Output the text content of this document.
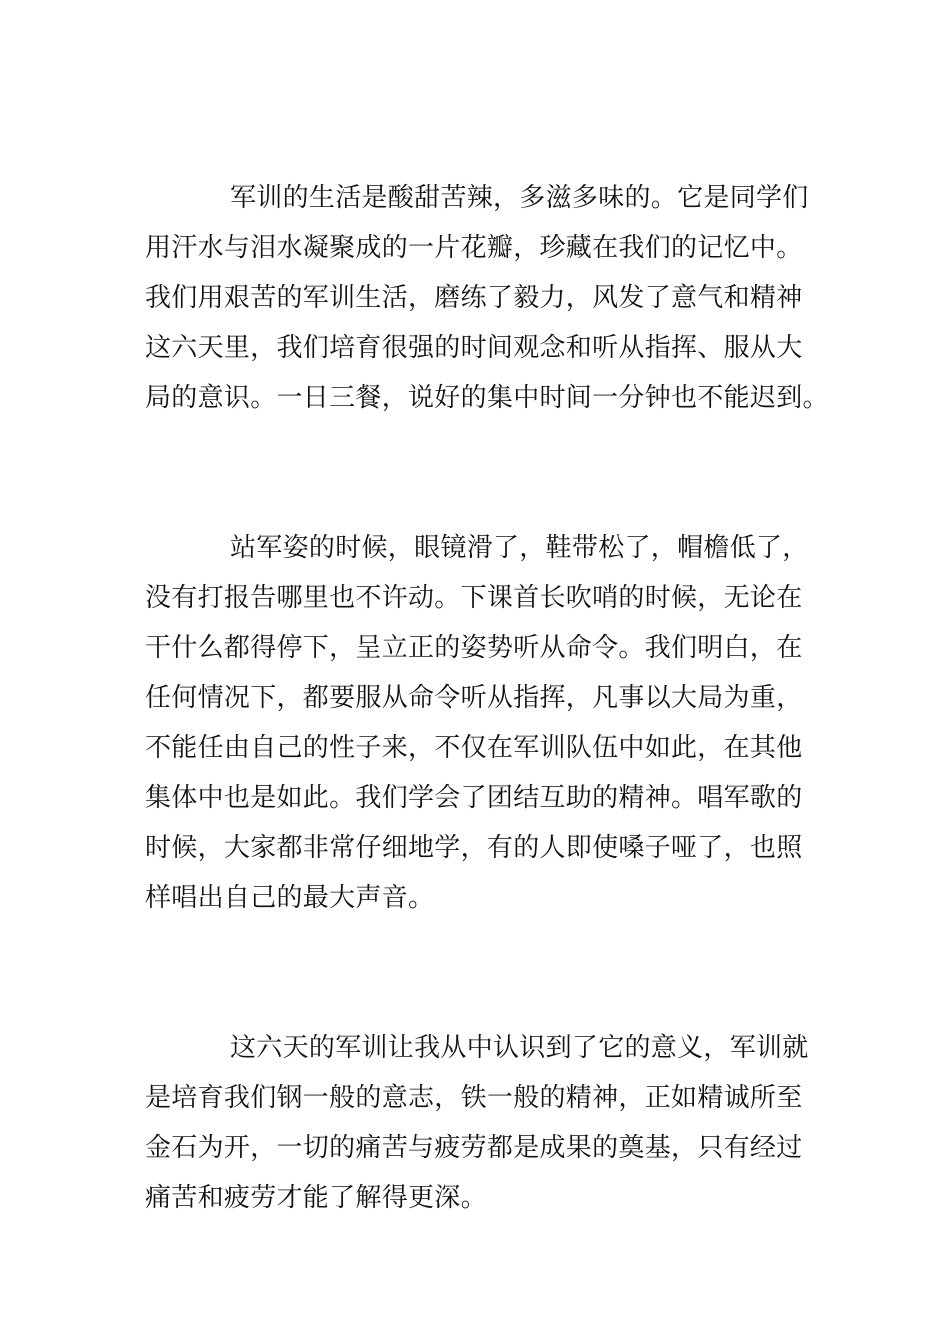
军训的生活是酸甜苦辣，多滋多味的。它是同学们
用汗水与泪水凝聚成的一片花瓣，珍藏在我们的记忆中。
我们用艰苦的军训生活，磨练了毅力，风发了意气和精神
这六天里，我们培育很强的时间观念和听从指挥、服从大
局的意识。一日三餐，说好的集中时间一分钟也不能迟到。
站军姿的时候，眼镜滑了，鞋带松了，帽檐低了，
没有打报告哪里也不许动。下课首长吹哨的时候，无论在
干什么都得停下，呈立正的姿势听从命令。我们明白，在
任何情况下，都要服从命令听从指挥，凡事以大局为重，
不能任由自己的性子来，不仅在军训队伍中如此，在其他
集体中也是如此。我们学会了团结互助的精神。唱军歌的
时候，大家都非常仔细地学，有的人即使嗓子哑了，也照
样唱出自己的最大声音。
这六天的军训让我从中认识到了它的意义，军训就
是培育我们钢一般的意志，铁一般的精神，正如精诚所至
金石为开，一切的痛苦与疲劳都是成果的奠基，只有经过
痛苦和疲劳才能了解得更深。
